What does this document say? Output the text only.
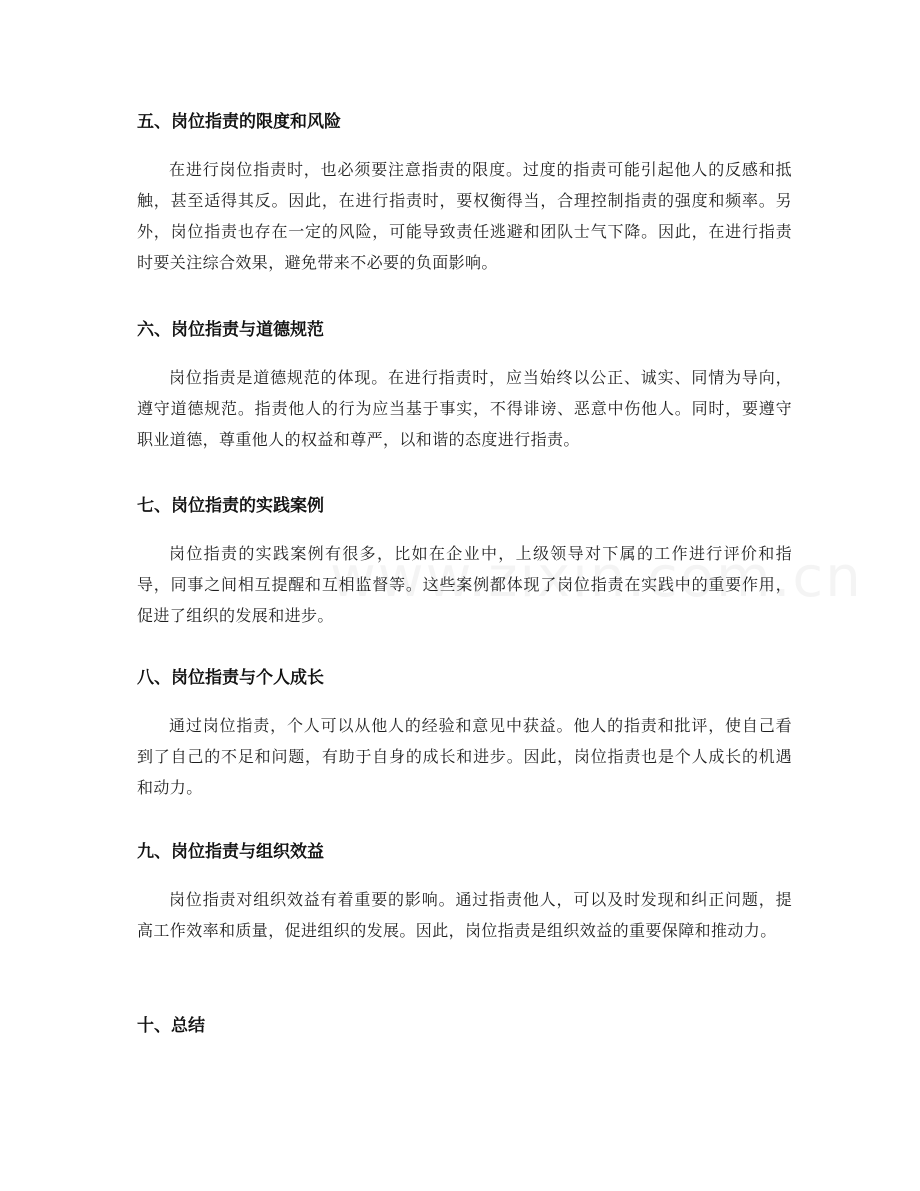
五、岗位指责的限度和风险

在进行岗位指责时，也必须要注意指责的限度。过度的指责可能引起他人的反感和抵触，甚至适得其反。因此，在进行指责时，要权衡得当，合理控制指责的强度和频率。另外，岗位指责也存在一定的风险，可能导致责任逃避和团队士气下降。因此，在进行指责时要关注综合效果，避免带来不必要的负面影响。

六、岗位指责与道德规范

岗位指责是道德规范的体现。在进行指责时，应当始终以公正、诚实、同情为导向，遵守道德规范。指责他人的行为应当基于事实，不得诽谤、恶意中伤他人。同时，要遵守职业道德，尊重他人的权益和尊严，以和谐的态度进行指责。

七、岗位指责的实践案例

岗位指责的实践案例有很多，比如在企业中，上级领导对下属的工作进行评价和指导，同事之间相互提醒和互相监督等。这些案例都体现了岗位指责在实践中的重要作用，促进了组织的发展和进步。

八、岗位指责与个人成长

通过岗位指责，个人可以从他人的经验和意见中获益。他人的指责和批评，使自己看到了自己的不足和问题，有助于自身的成长和进步。因此，岗位指责也是个人成长的机遇和动力。

九、岗位指责与组织效益

岗位指责对组织效益有着重要的影响。通过指责他人，可以及时发现和纠正问题，提高工作效率和质量，促进组织的发展。因此，岗位指责是组织效益的重要保障和推动力。

十、总结
